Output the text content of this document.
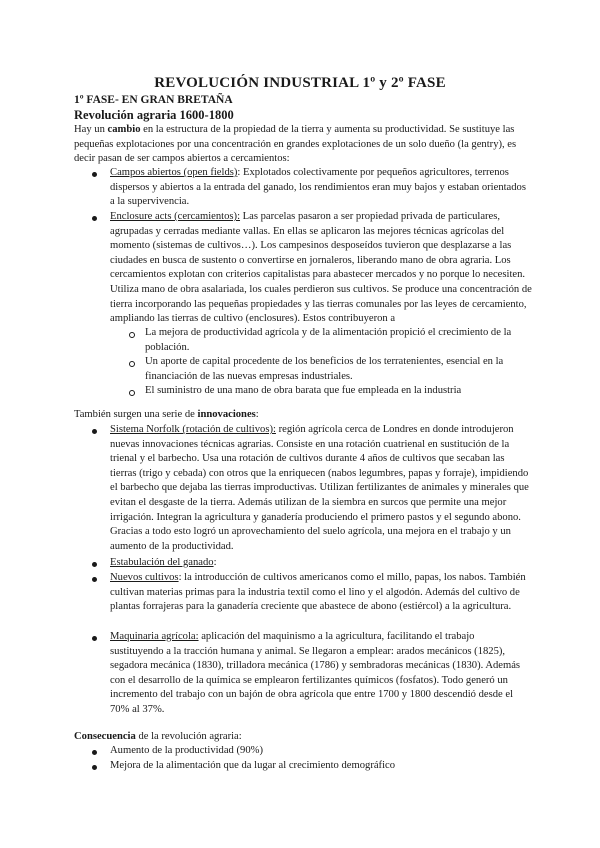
REVOLUCIÓN INDUSTRIAL 1º y 2º FASE
1º FASE- EN GRAN BRETAÑA
Revolución agraria 1600-1800

Hay un cambio en la estructura de la propiedad de la tierra y aumenta su productividad. Se sustituye las pequeñas explotaciones por una concentración en grandes explotaciones de un solo dueño (la gentry), es decir pasan de ser campos abiertos a cercamientos:

Campos abiertos (open fields): Explotados colectivamente por pequeños agricultores, terrenos dispersos y abiertos a la entrada del ganado, los rendimientos eran muy bajos y estaban orientados a la supervivencia.

Enclosure acts (cercamientos): Las parcelas pasaron a ser propiedad privada de particulares, agrupadas y cerradas mediante vallas. En ellas se aplicaron las mejores técnicas agrícolas del momento (sistemas de cultivos…). Los campesinos desposeídos tuvieron que desplazarse a las ciudades en busca de sustento o convertirse en jornaleros, liberando mano de obra agraria. Los cercamientos explotan con criterios capitalistas para abastecer mercados y no porque lo necesiten. Utiliza mano de obra asalariada, los cuales perdieron sus cultivos. Se produce una concentración de tierra incorporando las pequeñas propiedades y las tierras comunales por las leyes de cercamiento, ampliando las tierras de cultivo (enclosures). Estos contribuyeron a

La mejora de productividad agrícola y de la alimentación propició el crecimiento de la población.

Un aporte de capital procedente de los beneficios de los terratenientes, esencial en la financiación de las nuevas empresas industriales.

El suministro de una mano de obra barata que fue empleada en la industria

También surgen una serie de innovaciones:

Sistema Norfolk (rotación de cultivos): región agrícola cerca de Londres en donde introdujeron nuevas innovaciones técnicas agrarias. Consiste en una rotación cuatrienal en sustitución de la trienal y el barbecho. Usa una rotación de cultivos durante 4 años de cultivos que secaban las tierras (trigo y cebada) con otros que la enriquecen (nabos legumbres, papas y forraje), impidiendo el barbecho que dejaba las tierras improductivas. Utilizan fertilizantes de animales y minerales que evitan el desgaste de la tierra. Además utilizan de la siembra en surcos que permite una mejor irrigación. Integran la agricultura y ganadería produciendo el primero pastos y el segundo abono. Gracias a todo esto logró un aprovechamiento del suelo agrícola, una mejora en el trabajo y un aumento de la productividad.

Estabulación del ganado:

Nuevos cultivos: la introducción de cultivos americanos como el millo, papas, los nabos. También cultivan materias primas para la industria textil como el lino y el algodón. Además del cultivo de plantas forrajeras para la ganadería creciente que abastece de abono (estiércol) a la agricultura.

Maquinaria agrícola: aplicación del maquinismo a la agricultura, facilitando el trabajo sustituyendo a la tracción humana y animal. Se llegaron a emplear: arados mecánicos (1825), segadora mecánica (1830), trilladora mecánica (1786) y sembradoras mecánicas (1830). Además con el desarrollo de la química se emplearon fertilizantes químicos (fosfatos). Todo generó un incremento del trabajo con un bajón de obra agrícola que entre 1700 y 1800 descendió desde el 70% al 37%.

Consecuencia de la revolución agraria:

Aumento de la productividad (90%)

Mejora de la alimentación que da lugar al crecimiento demográfico
